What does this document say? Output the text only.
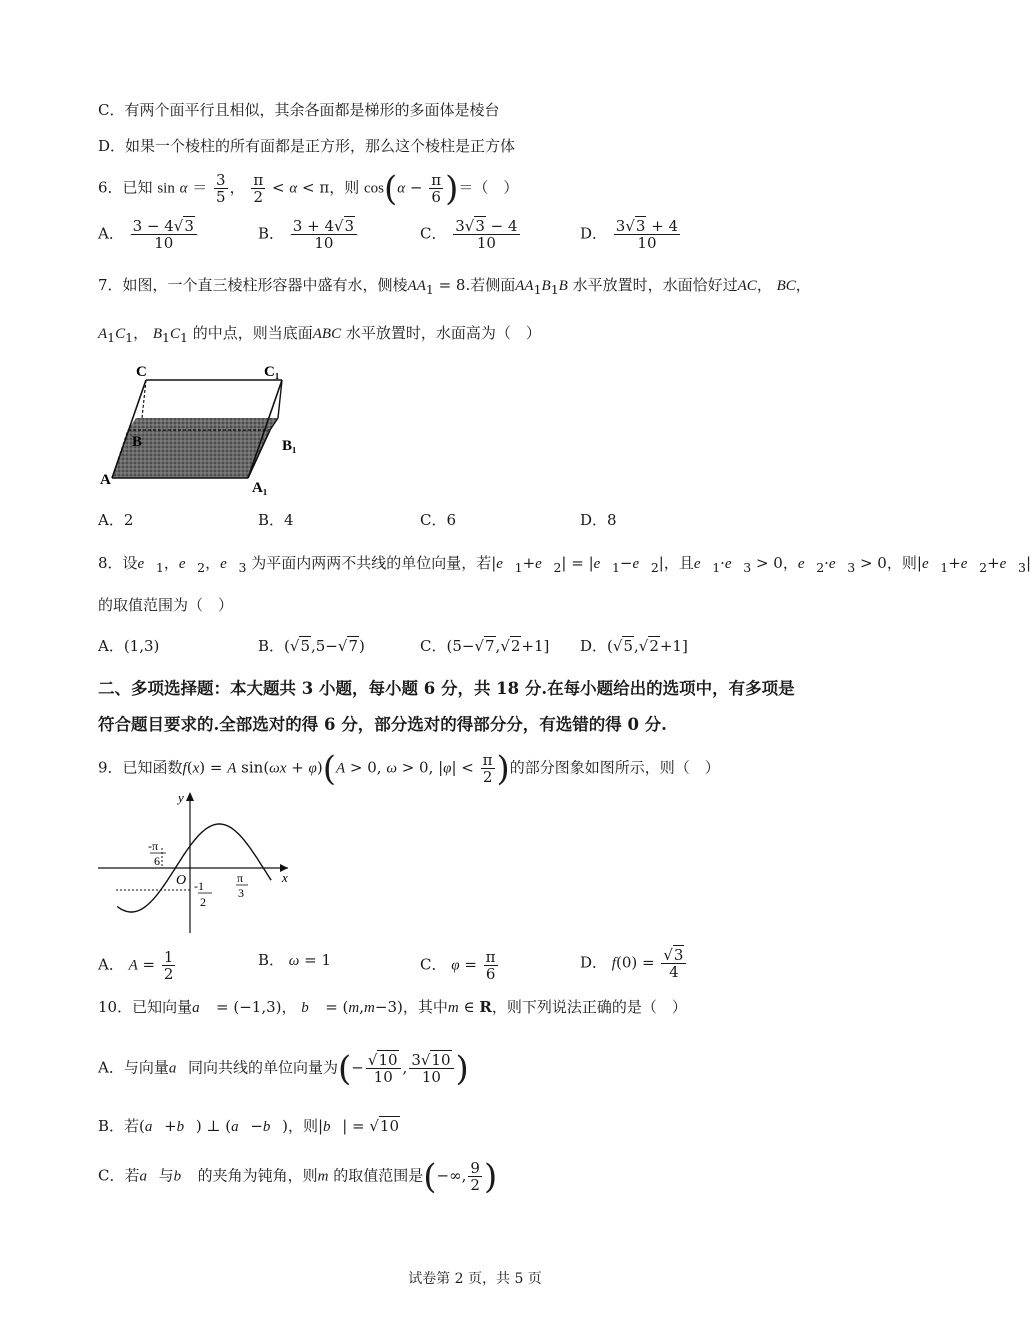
C．有两个面平行且相似，其余各面都是梯形的多面体是棱台
D．如果一个棱柱的所有面都是正方形，那么这个棱柱是正方体
6．已知 $\sin \alpha = \frac{3}{5}$ ， $\frac{\pi}{2} < \alpha < \pi$，则 $\cos(\alpha - \frac{\pi}{6}$ )＝（　）
A． $\frac{3 - 4√3}{10}$	B． $\frac{3 + 4√3}{10}$	C． $\frac{3√3 - 4}{10}$	D． $\frac{3√3 + 4}{10}$
7．如图，一个直三棱柱形容器中盛有水，侧棱$AA_1 = 8$.若侧面$AA_1B_1B$ 水平放置时，水面恰好过AC， BC，
$A_1C_1$， $B_1C_1$ 的中点，则当底面ABC 水平放置时，水面高为（　）
C	C₁
B	B₁
A	A₁
A．2	B．4	C．6	D．8
8．设$e⃗_1$，$e⃗_2$，$e⃗_3$ 为平面内两两不共线的单位向量，若$|e⃗_1+e⃗_2|$ = $|e⃗_1-e⃗_2|$，且$e⃗_1\cdot e⃗_3 > 0$，$e⃗_2\cdot e⃗_3 > 0$，则$|e⃗_1+e⃗_2+e⃗_3|$
的取值范围为（　）
A．(1,3)	B．(√5,5−√7)	C．(5−√7,√2+1] D．(√5,√2+1]
二、多项选择题：本大题共 3 小题，每小题 6 分，共 18 分.在每小题给出的选项中，有多项是
符合题目要求的.全部选对的得 6 分，部分选对的得部分分，有选错的得 0 分.
9．已知函数f(x) = A sin(ωx + φ)(A > 0, ω > 0, $|\varphi| < \frac{\pi}{2}$ )的部分图象如图所示，则（　）
y
O	x
-π
6
π
3
-1
2
A． $A = \frac{1}{2}$	B． ω = 1	C． $\varphi = \frac{\pi}{6}$	D． $f(0) = \frac{√3}{4}$
10．已知向量a⃗ = (−1,3)， b⃗ = (m,m−3)，其中m ∈ R，则下列说法正确的是（　）
A．与向量a⃗同向共线的单位向量为(− $\frac{√10}{10}$ , $\frac{3√10}{10}$ )
B．若(a⃗+b⃗) ⊥ (a⃗−b⃗)，则|b⃗| = √10
C．若a⃗与b⃗ 的夹角为钝角，则m 的取值范围是(−∞, $\frac{9}{2}$ )
试卷第 2 页，共 5 页
